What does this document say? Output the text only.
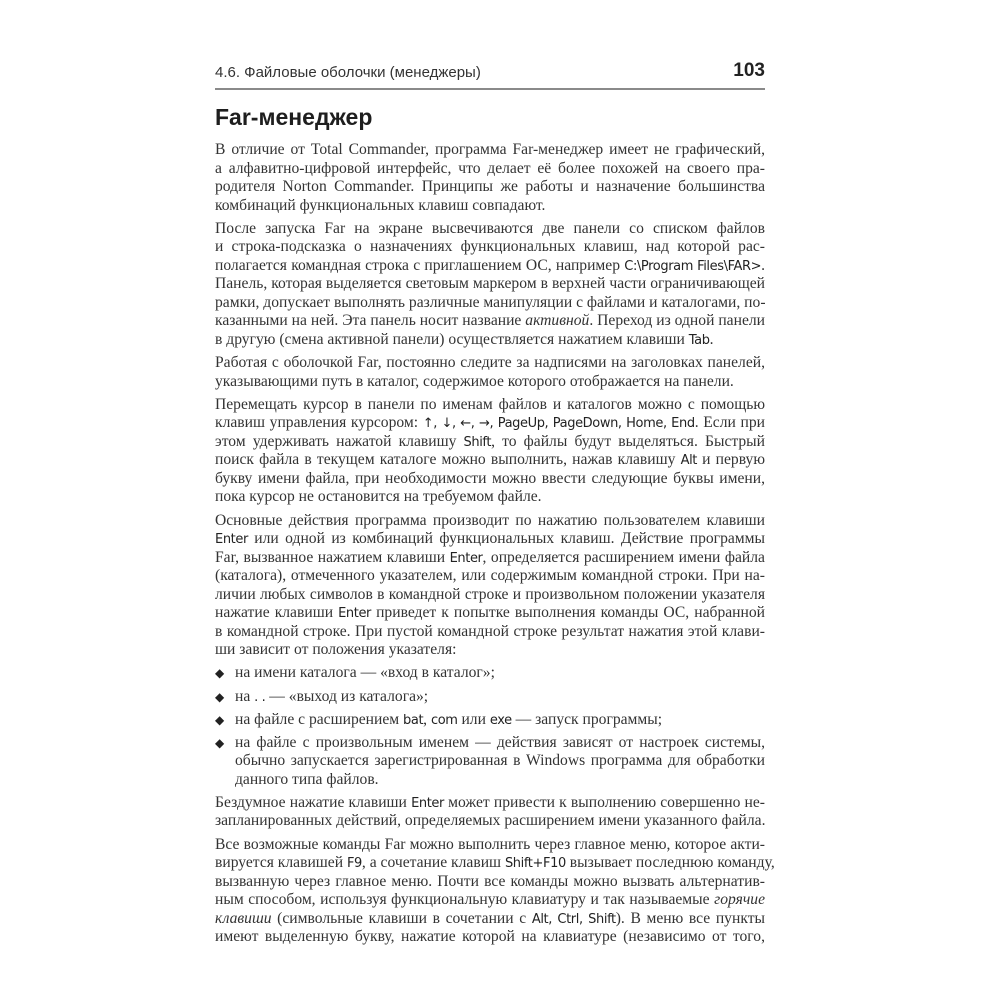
4.6. Файловые оболочки (менеджеры)	103
Far-менеджер
В отличие от Total Commander, программа Far-менеджер имеет не графический,
а алфавитно-цифровой интерфейс, что делает её более похожей на своего пра-
родителя Norton Commander. Принципы же работы и назначение большинства
комбинаций функциональных клавиш совпадают.
После запуска Far на экране высвечиваются две панели со списком файлов
и строка-подсказка о назначениях функциональных клавиш, над которой рас-
полагается командная строка с приглашением ОС, например C:\Program Files\FAR>.
Панель, которая выделяется световым маркером в верхней части ограничивающей
рамки, допускает выполнять различные манипуляции с файлами и каталогами, по-
казанными на ней. Эта панель носит название активной. Переход из одной панели
в другую (смена активной панели) осуществляется нажатием клавиши Tab.
Работая с оболочкой Far, постоянно следите за надписями на заголовках панелей,
указывающими путь в каталог, содержимое которого отображается на панели.
Перемещать курсор в панели по именам файлов и каталогов можно с помощью
клавиш управления курсором: ↑, ↓, ←, →, PageUp, PageDown, Home, End. Если при
этом удерживать нажатой клавишу Shift, то файлы будут выделяться. Быстрый
поиск файла в текущем каталоге можно выполнить, нажав клавишу Alt и первую
букву имени файла, при необходимости можно ввести следующие буквы имени,
пока курсор не остановится на требуемом файле.
Основные действия программа производит по нажатию пользователем клавиши
Enter или одной из комбинаций функциональных клавиш. Действие программы
Far, вызванное нажатием клавиши Enter, определяется расширением имени файла
(каталога), отмеченного указателем, или содержимым командной строки. При на-
личии любых символов в командной строке и произвольном положении указателя
нажатие клавиши Enter приведет к попытке выполнения команды ОС, набранной
в командной строке. При пустой командной строке результат нажатия этой клави-
ши зависит от положения указателя:
◆ на имени каталога — «вход в каталог»;
◆ на . . — «выход из каталога»;
◆ на файле с расширением bat, com или exe — запуск программы;
◆ на файле с произвольным именем — действия зависят от настроек системы,
обычно запускается зарегистрированная в Windows программа для обработки
данного типа файлов.
Бездумное нажатие клавиши Enter может привести к выполнению совершенно не-
запланированных действий, определяемых расширением имени указанного файла.
Все возможные команды Far можно выполнить через главное меню, которое акти-
вируется клавишей F9, а сочетание клавиш Shift+F10 вызывает последнюю команду,
вызванную через главное меню. Почти все команды можно вызвать альтернатив-
ным способом, используя функциональную клавиатуру и так называемые горячие
клавиши (символьные клавиши в сочетании с Alt, Ctrl, Shift). В меню все пункты
имеют выделенную букву, нажатие которой на клавиатуре (независимо от того,
